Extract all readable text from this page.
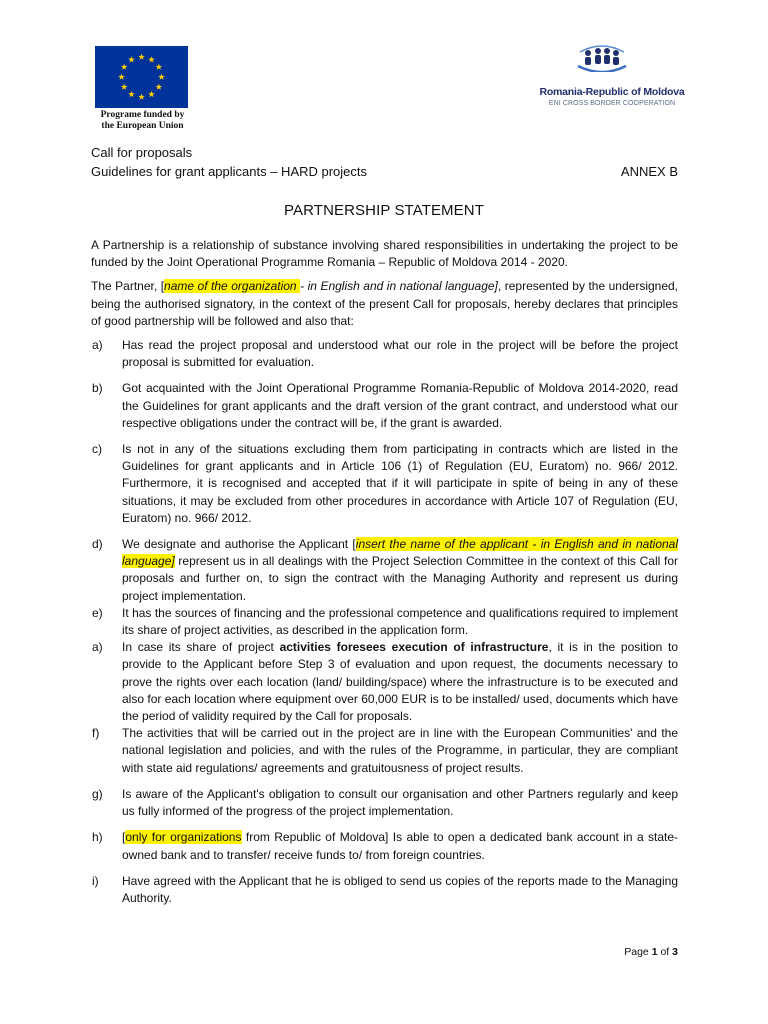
Programe funded by
the European Union
Romania-Republic of Moldova
ENI CROSS BORDER COOPERATION
Call for proposals
Guidelines for grant applicants – HARD projects	ANNEX B
PARTNERSHIP STATEMENT

A Partnership is a relationship of substance involving shared responsibilities in undertaking the project to be funded by the Joint Operational Programme Romania – Republic of Moldova 2014 - 2020.

The Partner, [name of the organization - in English and in national language], represented by the undersigned, being the authorised signatory, in the context of the present Call for proposals, hereby declares that principles of good partnership will be followed and also that:

a) Has read the project proposal and understood what our role in the project will be before the project proposal is submitted for evaluation.
b) Got acquainted with the Joint Operational Programme Romania-Republic of Moldova 2014-2020, read the Guidelines for grant applicants and the draft version of the grant contract, and understood what our respective obligations under the contract will be, if the grant is awarded.
c) Is not in any of the situations excluding them from participating in contracts which are listed in the Guidelines for grant applicants and in Article 106 (1) of Regulation (EU, Euratom) no. 966/ 2012. Furthermore, it is recognised and accepted that if it will participate in spite of being in any of these situations, it may be excluded from other procedures in accordance with Article 107 of Regulation (EU, Euratom) no. 966/ 2012.
d) We designate and authorise the Applicant [insert the name of the applicant - in English and in national language] represent us in all dealings with the Project Selection Committee in the context of this Call for proposals and further on, to sign the contract with the Managing Authority and represent us during project implementation.
e) It has the sources of financing and the professional competence and qualifications required to implement its share of project activities, as described in the application form.
a) In case its share of project activities foresees execution of infrastructure, it is in the position to provide to the Applicant before Step 3 of evaluation and upon request, the documents necessary to prove the rights over each location (land/ building/space) where the infrastructure is to be executed and also for each location where equipment over 60,000 EUR is to be installed/ used, documents which have the period of validity required by the Call for proposals.
f) The activities that will be carried out in the project are in line with the European Communities' and the national legislation and policies, and with the rules of the Programme, in particular, they are compliant with state aid regulations/ agreements and gratuitousness of project results.
g) Is aware of the Applicant's obligation to consult our organisation and other Partners regularly and keep us fully informed of the progress of the project implementation.
h) [only for organizations from Republic of Moldova] Is able to open a dedicated bank account in a state-owned bank and to transfer/ receive funds to/ from foreign countries.
i) Have agreed with the Applicant that he is obliged to send us copies of the reports made to the Managing Authority.
Page 1 of 3
